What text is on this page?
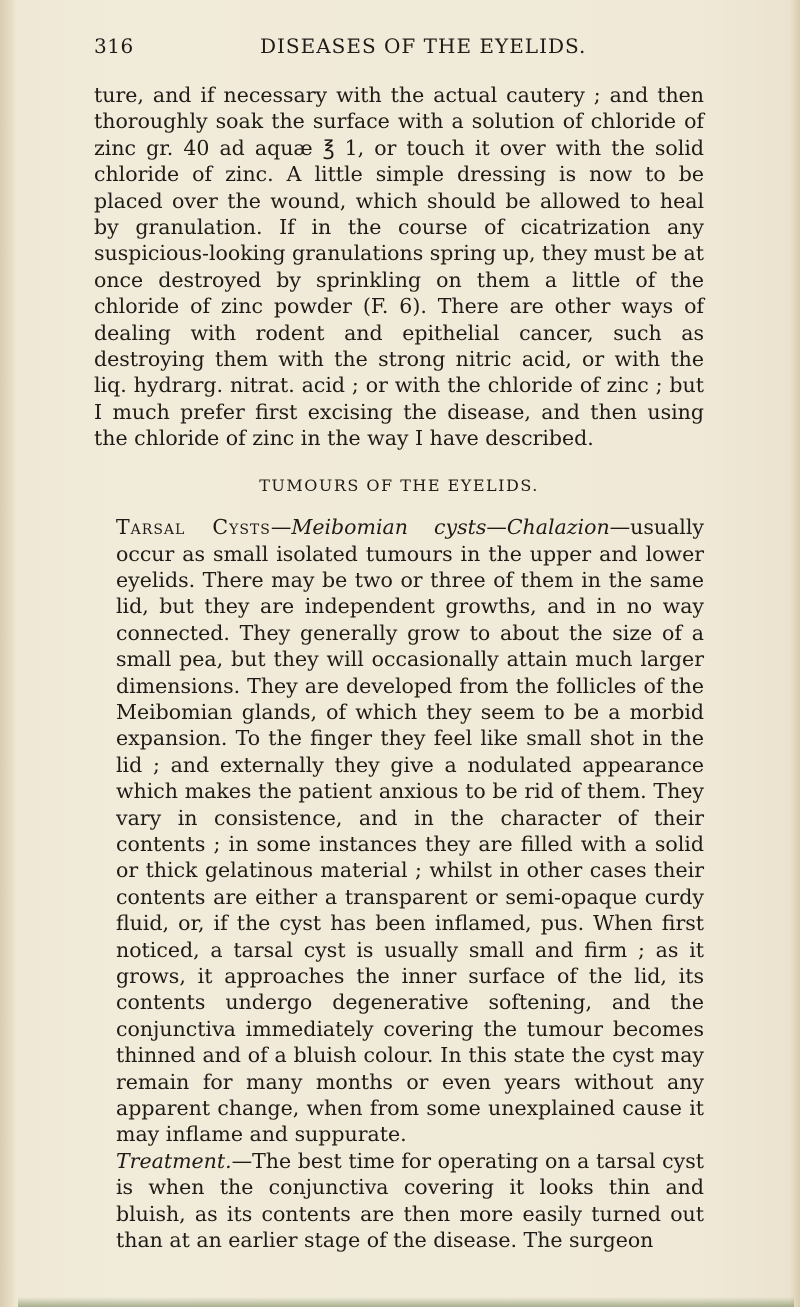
316	DISEASES OF THE EYELIDS.

ture, and if necessary with the actual cautery ; and then thoroughly soak the surface with a solution of chloride of zinc gr. 40 ad aquæ ℥ 1, or touch it over with the solid chloride of zinc. A little simple dressing is now to be placed over the wound, which should be allowed to heal by granulation. If in the course of cicatrization any suspicious-looking granulations spring up, they must be at once destroyed by sprinkling on them a little of the chloride of zinc powder (F. 6). There are other ways of dealing with rodent and epithelial cancer, such as destroying them with the strong nitric acid, or with the liq. hydrarg. nitrat. acid ; or with the chloride of zinc ; but I much prefer first excising the disease, and then using the chloride of zinc in the way I have described.

TUMOURS OF THE EYELIDS.

Tarsal Cysts—Meibomian cysts—Chalazion—usually occur as small isolated tumours in the upper and lower eyelids. There may be two or three of them in the same lid, but they are independent growths, and in no way connected. They generally grow to about the size of a small pea, but they will occasionally attain much larger dimensions. They are developed from the follicles of the Meibomian glands, of which they seem to be a morbid expansion. To the finger they feel like small shot in the lid ; and externally they give a nodulated appearance which makes the patient anxious to be rid of them. They vary in consistence, and in the character of their contents ; in some instances they are filled with a solid or thick gelatinous material ; whilst in other cases their contents are either a transparent or semi-opaque curdy fluid, or, if the cyst has been inflamed, pus. When first noticed, a tarsal cyst is usually small and firm ; as it grows, it approaches the inner surface of the lid, its contents undergo degenerative softening, and the conjunctiva immediately covering the tumour becomes thinned and of a bluish colour. In this state the cyst may remain for many months or even years without any apparent change, when from some unexplained cause it may inflame and suppurate.

Treatment.—The best time for operating on a tarsal cyst is when the conjunctiva covering it looks thin and bluish, as its contents are then more easily turned out than at an earlier stage of the disease. The surgeon
